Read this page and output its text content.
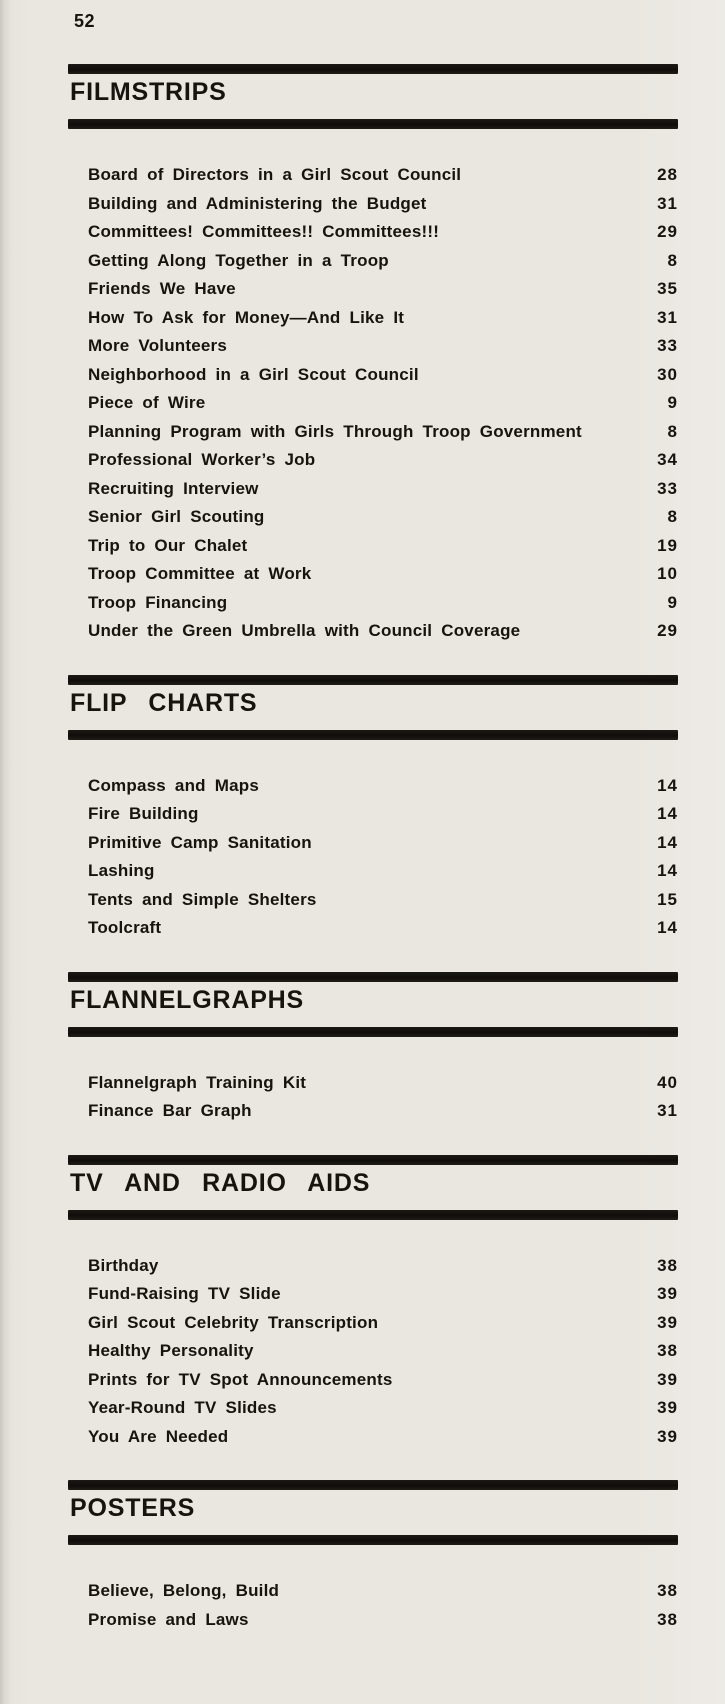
52
FILMSTRIPS
Board of Directors in a Girl Scout Council	28
Building and Administering the Budget	31
Committees! Committees!! Committees!!!	29
Getting Along Together in a Troop	8
Friends We Have	35
How To Ask for Money—And Like It	31
More Volunteers	33
Neighborhood in a Girl Scout Council	30
Piece of Wire	9
Planning Program with Girls Through Troop Government	8
Professional Worker’s Job	34
Recruiting Interview	33
Senior Girl Scouting	8
Trip to Our Chalet	19
Troop Committee at Work	10
Troop Financing	9
Under the Green Umbrella with Council Coverage	29
FLIP CHARTS
Compass and Maps	14
Fire Building	14
Primitive Camp Sanitation	14
Lashing	14
Tents and Simple Shelters	15
Toolcraft	14
FLANNELGRAPHS
Flannelgraph Training Kit	40
Finance Bar Graph	31
TV AND RADIO AIDS
Birthday	38
Fund-Raising TV Slide	39
Girl Scout Celebrity Transcription	39
Healthy Personality	38
Prints for TV Spot Announcements	39
Year-Round TV Slides	39
You Are Needed	39
POSTERS
Believe, Belong, Build	38
Promise and Laws	38
